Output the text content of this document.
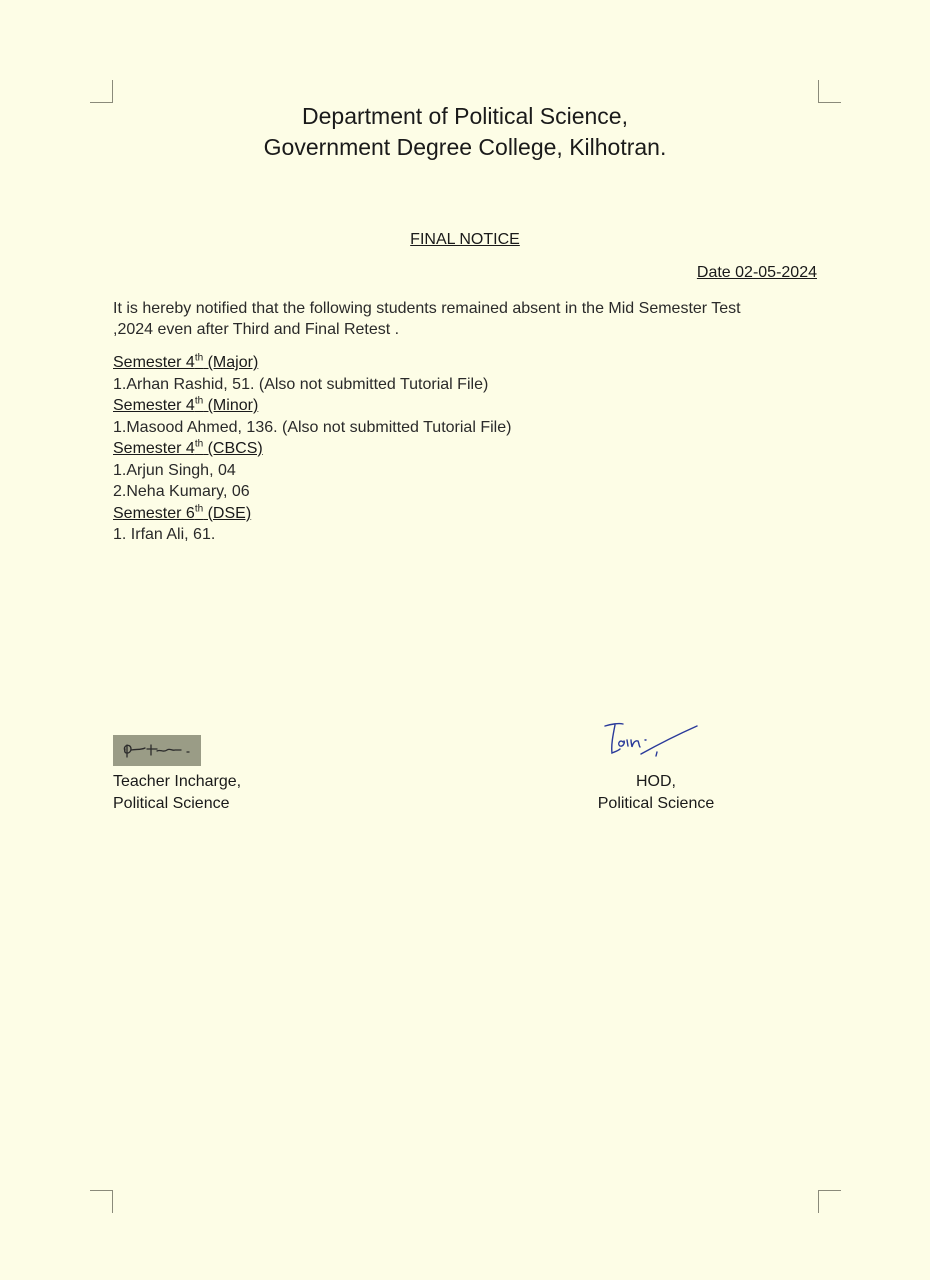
Department of Political Science,
Government Degree College, Kilhotran.
FINAL NOTICE
Date 02-05-2024
It is hereby notified that the following students remained absent in the Mid Semester Test
,2024 even after Third and Final Retest .
Semester 4th (Major)
1.Arhan Rashid, 51. (Also not submitted Tutorial File)
Semester 4th (Minor)
1.Masood Ahmed, 136. (Also not submitted Tutorial File)
Semester 4th (CBCS)
1.Arjun Singh, 04
2.Neha Kumary, 06
Semester 6th (DSE)
1. Irfan Ali, 61.
Teacher Incharge,
Political Science
HOD,
Political Science
